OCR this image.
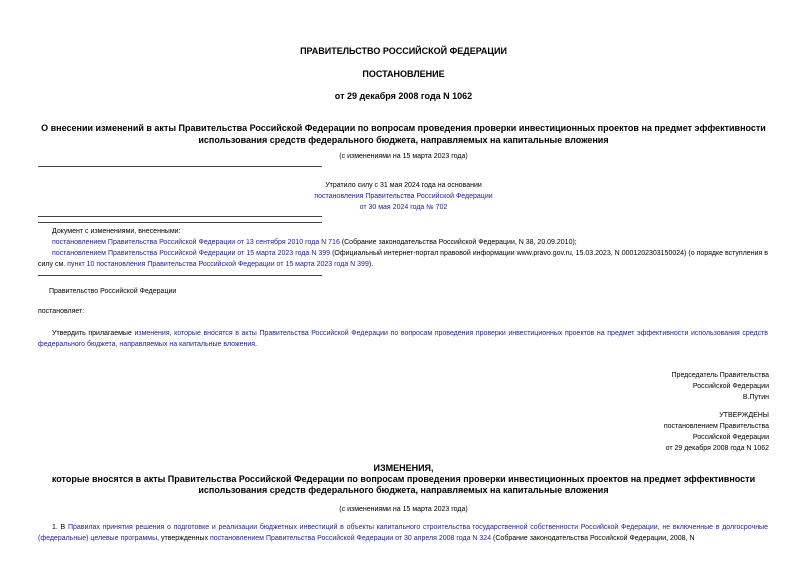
ПРАВИТЕЛЬСТВО РОССИЙСКОЙ ФЕДЕРАЦИИ
ПОСТАНОВЛЕНИЕ
от 29 декабря 2008 года N 1062
О внесении изменений в акты Правительства Российской Федерации по вопросам проведения проверки инвестиционных проектов на предмет эффективности
использования средств федерального бюджета, направляемых на капитальные вложения
(с изменениями на 15 марта 2023 года)
Утратило силу с 31 мая 2024 года на основании
постановления Правительства Российской Федерации
от 30 мая 2024 года № 702
Документ с изменениями, внесенными:
постановлением Правительства Российской Федерации от 13 сентября 2010 года N 716 (Собрание законодательства Российской Федерации, N 38, 20.09.2010);
постановлением Правительства Российской Федерации от 15 марта 2023 года N 399 (Официальный интернет-портал правовой информации www.pravo.gov.ru, 15.03.2023, N 0001202303150024) (о порядке вступления в силу см. пункт 10 постановления Правительства Российской Федерации от 15 марта 2023 года N 399).
Правительство Российской Федерации
постановляет:
Утвердить прилагаемые изменения, которые вносятся в акты Правительства Российской Федерации по вопросам проведения проверки инвестиционных проектов на предмет эффективности использования средств федерального бюджета, направляемых на капитальные вложения.
Председатель Правительства
Российской Федерации
В.Путин
УТВЕРЖДЕНЫ
постановлением Правительства
Российской Федерации
от 29 декабря 2008 года N 1062
ИЗМЕНЕНИЯ,
которые вносятся в акты Правительства Российской Федерации по вопросам проведения проверки инвестиционных проектов на предмет эффективности
использования средств федерального бюджета, направляемых на капитальные вложения
(с изменениями на 15 марта 2023 года)
1. В Правилах принятия решения о подготовке и реализации бюджетных инвестиций в объекты капитального строительства государственной собственности Российской Федерации, не включенные в долгосрочные (федеральные) целевые программы, утвержденных постановлением Правительства Российской Федерации от 30 апреля 2008 года N 324 (Собрание законодательства Российской Федерации, 2008, N
